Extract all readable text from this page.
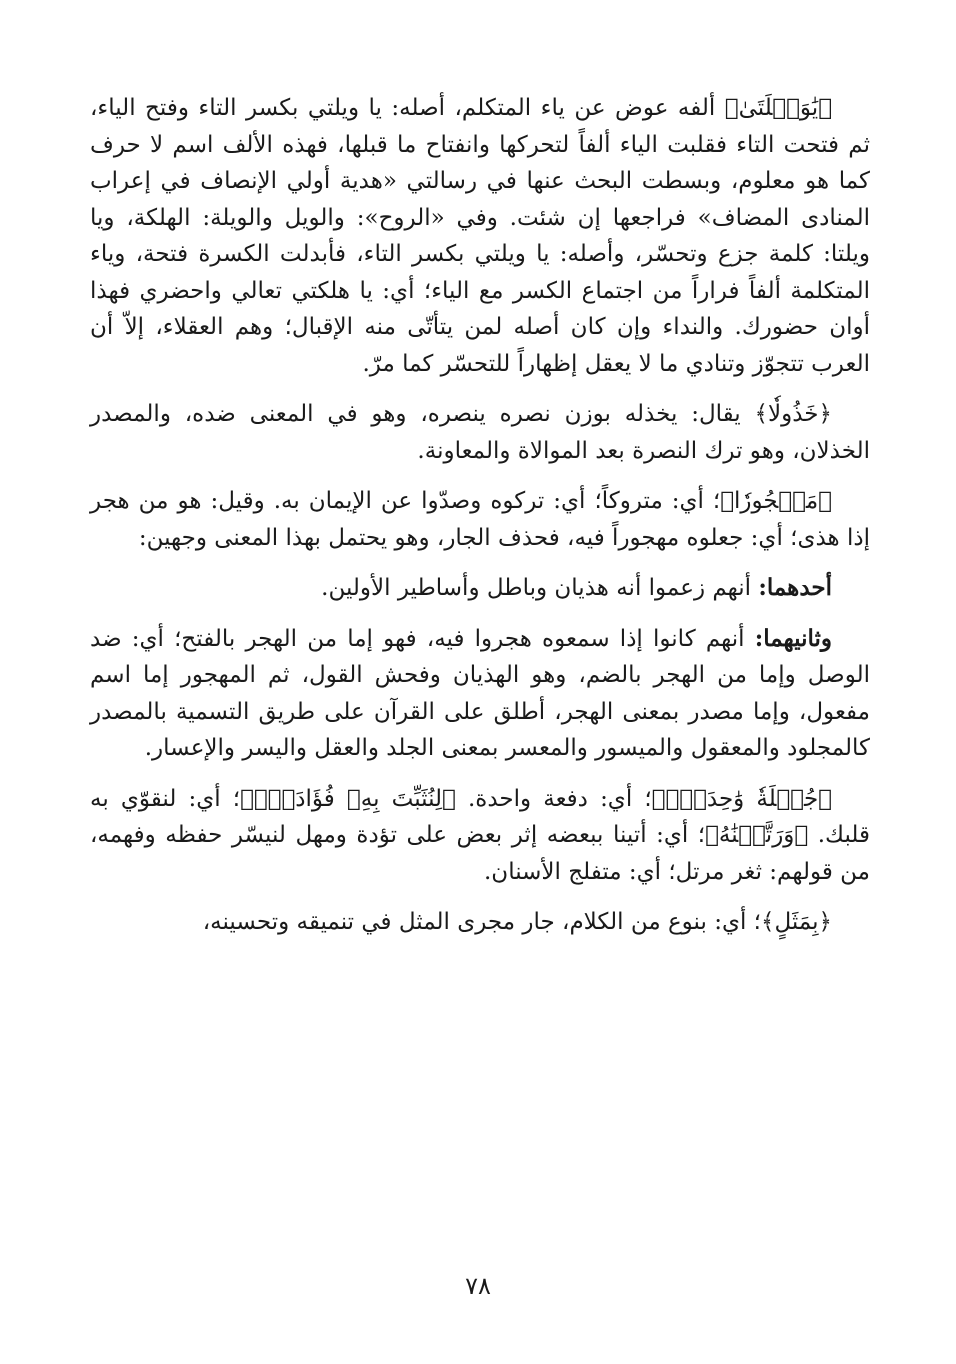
﴿يَٰوَيۡلَتَىٰ﴾ ألفه عوض عن ياء المتكلم، أصله: يا ويلتي بكسر التاء وفتح الياء، ثم فتحت التاء فقلبت الياء ألفاً لتحركها وانفتاح ما قبلها، فهذه الألف اسم لا حرف كما هو معلوم، وبسطت البحث عنها في رسالتي «هدية أولي الإنصاف في إعراب المنادى المضاف» فراجعها إن شئت. وفي «الروح»: والويل والويلة: الهلكة، ويا ويلتا: كلمة جزع وتحسّر، وأصله: يا ويلتي بكسر التاء، فأبدلت الكسرة فتحة، وياء المتكلمة ألفاً فراراً من اجتماع الكسر مع الياء؛ أي: يا هلكتي تعالي واحضري فهذا أوان حضورك. والنداء وإن كان أصله لمن يتأتّى منه الإقبال؛ وهم العقلاء، إلاّ أن العرب تتجوّز وتنادي ما لا يعقل إظهاراً للتحسّر كما مرّ.

﴿خَذُولٗا﴾ يقال: يخذله بوزن نصره ينصره، وهو في المعنى ضده، والمصدر الخذلان، وهو ترك النصرة بعد الموالاة والمعاونة.

﴿مَهۡجُورٗا﴾؛ أي: متروكاً؛ أي: تركوه وصدّوا عن الإيمان به. وقيل: هو من هجر إذا هذى؛ أي: جعلوه مهجوراً فيه، فحذف الجار، وهو يحتمل بهذا المعنى وجهين:

أحدهما: أنهم زعموا أنه هذيان وباطل وأساطير الأولين.

وثانيهما: أنهم كانوا إذا سمعوه هجروا فيه، فهو إما من الهجر بالفتح؛ أي: ضد الوصل وإما من الهجر بالضم، وهو الهذيان وفحش القول، ثم المهجور إما اسم مفعول، وإما مصدر بمعنى الهجر، أطلق على القرآن على طريق التسمية بالمصدر كالمجلود والمعقول والميسور والمعسر بمعنى الجلد والعقل واليسر والإعسار.

﴿جُمۡلَةٗ وَٰحِدَةٗۚ﴾؛ أي: دفعة واحدة. ﴿لِنُثَبِّتَ بِهِۦ فُؤَادَكَۖ﴾؛ أي: لنقوّي به قلبك. ﴿وَرَتَّلۡنَٰهُ﴾؛ أي: أتينا ببعضه إثر بعض على تؤدة ومهل لنيسّر حفظه وفهمه، من قولهم: ثغر مرتل؛ أي: متفلج الأسنان.

﴿بِمَثَلٍ﴾؛ أي: بنوع من الكلام، جار مجرى المثل في تنميقه وتحسينه،

٧٨
